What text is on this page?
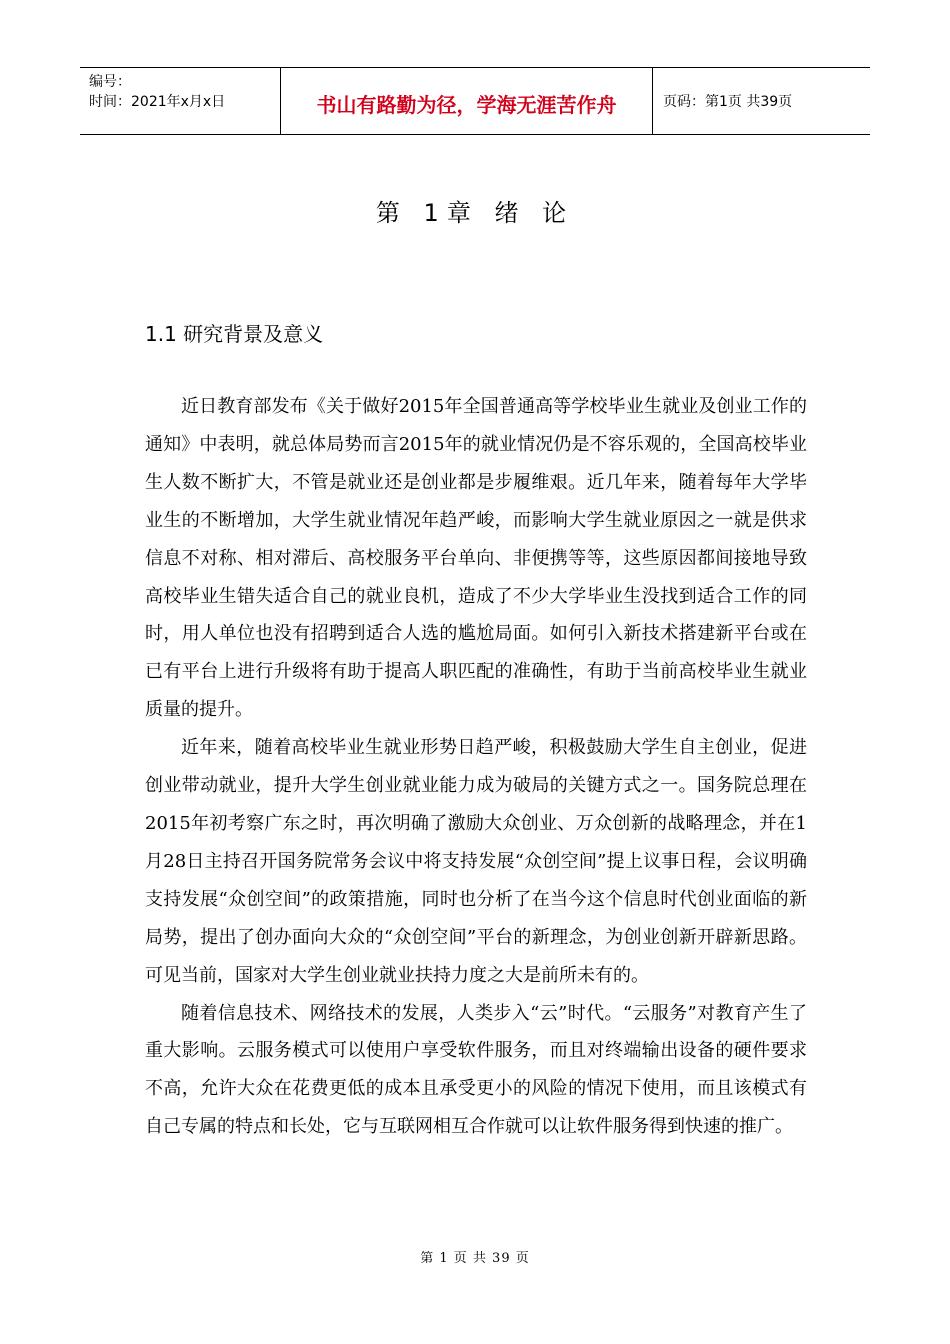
编号：
时间：2021年x月x日	书山有路勤为径，学海无涯苦作舟	页码：第1页 共39页
第 1章 绪 论
1.1 研究背景及意义

近日教育部发布《关于做好2015年全国普通高等学校毕业生就业及创业工作的通知》中表明，就总体局势而言2015年的就业情况仍是不容乐观的，全国高校毕业生人数不断扩大，不管是就业还是创业都是步履维艰。近几年来，随着每年大学毕业生的不断增加，大学生就业情况年趋严峻，而影响大学生就业原因之一就是供求信息不对称、相对滞后、高校服务平台单向、非便携等等，这些原因都间接地导致高校毕业生错失适合自己的就业良机，造成了不少大学毕业生没找到适合工作的同时，用人单位也没有招聘到适合人选的尴尬局面。如何引入新技术搭建新平台或在已有平台上进行升级将有助于提高人职匹配的准确性，有助于当前高校毕业生就业质量的提升。

近年来，随着高校毕业生就业形势日趋严峻，积极鼓励大学生自主创业，促进创业带动就业，提升大学生创业就业能力成为破局的关键方式之一。国务院总理在2015年初考察广东之时，再次明确了激励大众创业、万众创新的战略理念，并在1月28日主持召开国务院常务会议中将支持发展“众创空间”提上议事日程，会议明确支持发展“众创空间”的政策措施，同时也分析了在当今这个信息时代创业面临的新局势，提出了创办面向大众的“众创空间”平台的新理念，为创业创新开辟新思路。可见当前，国家对大学生创业就业扶持力度之大是前所未有的。

随着信息技术、网络技术的发展，人类步入“云”时代。“云服务”对教育产生了重大影响。云服务模式可以使用户享受软件服务，而且对终端输出设备的硬件要求不高，允许大众在花费更低的成本且承受更小的风险的情况下使用，而且该模式有自己专属的特点和长处，它与互联网相互合作就可以让软件服务得到快速的推广。

第 1 页 共 39 页
